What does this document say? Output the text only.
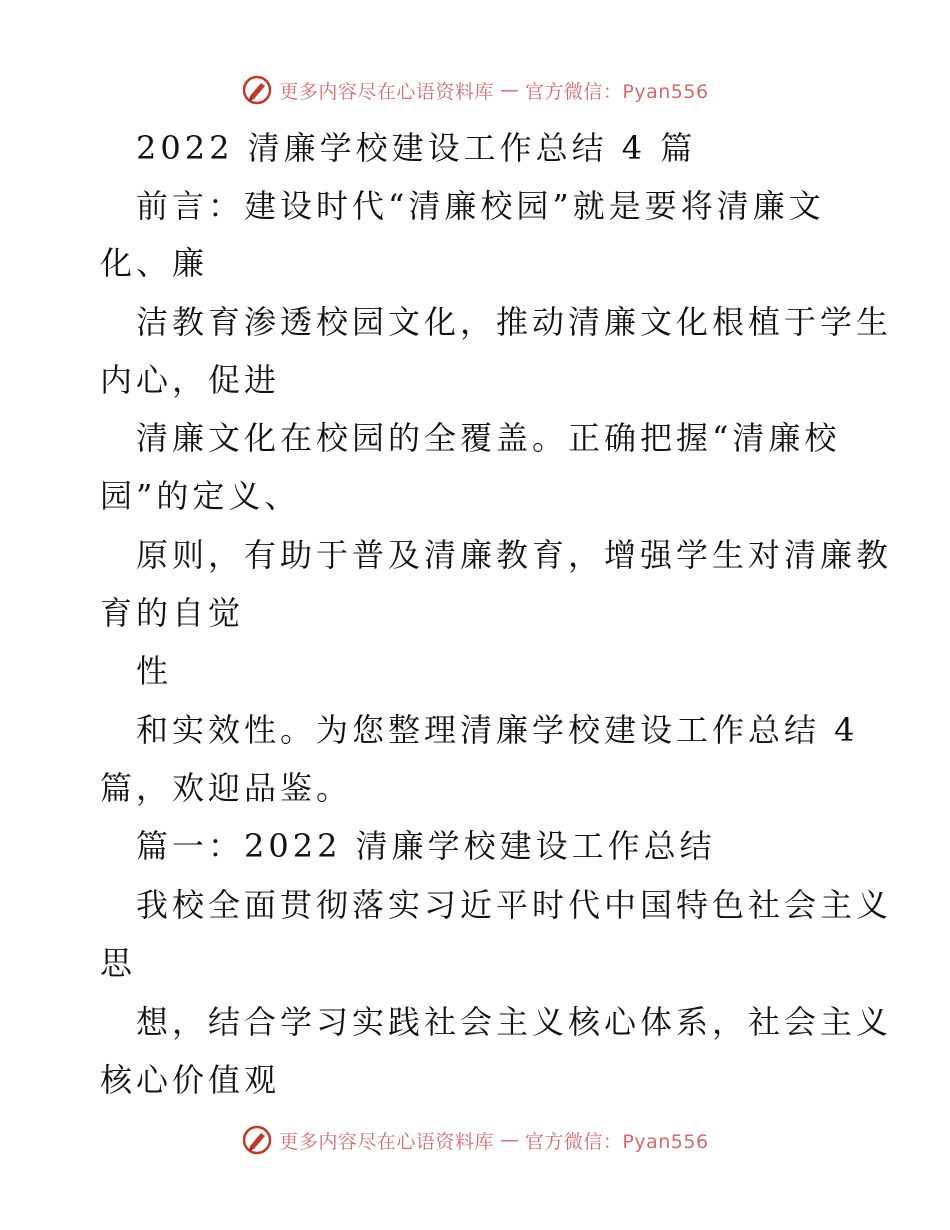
更多内容尽在心语资料库 — 官方微信：Pyan556
2022 清廉学校建设工作总结 4 篇
前言：建设时代“清廉校园”就是要将清廉文
化、廉
洁教育渗透校园文化，推动清廉文化根植于学生
内心，促进
清廉文化在校园的全覆盖。正确把握“清廉校
园”的定义、
原则，有助于普及清廉教育，增强学生对清廉教
育的自觉
性
和实效性。为您整理清廉学校建设工作总结 4
篇，欢迎品鉴。
篇一：2022 清廉学校建设工作总结
我校全面贯彻落实习近平时代中国特色社会主义
思
想，结合学习实践社会主义核心体系，社会主义
核心价值观
更多内容尽在心语资料库 — 官方微信：Pyan556
